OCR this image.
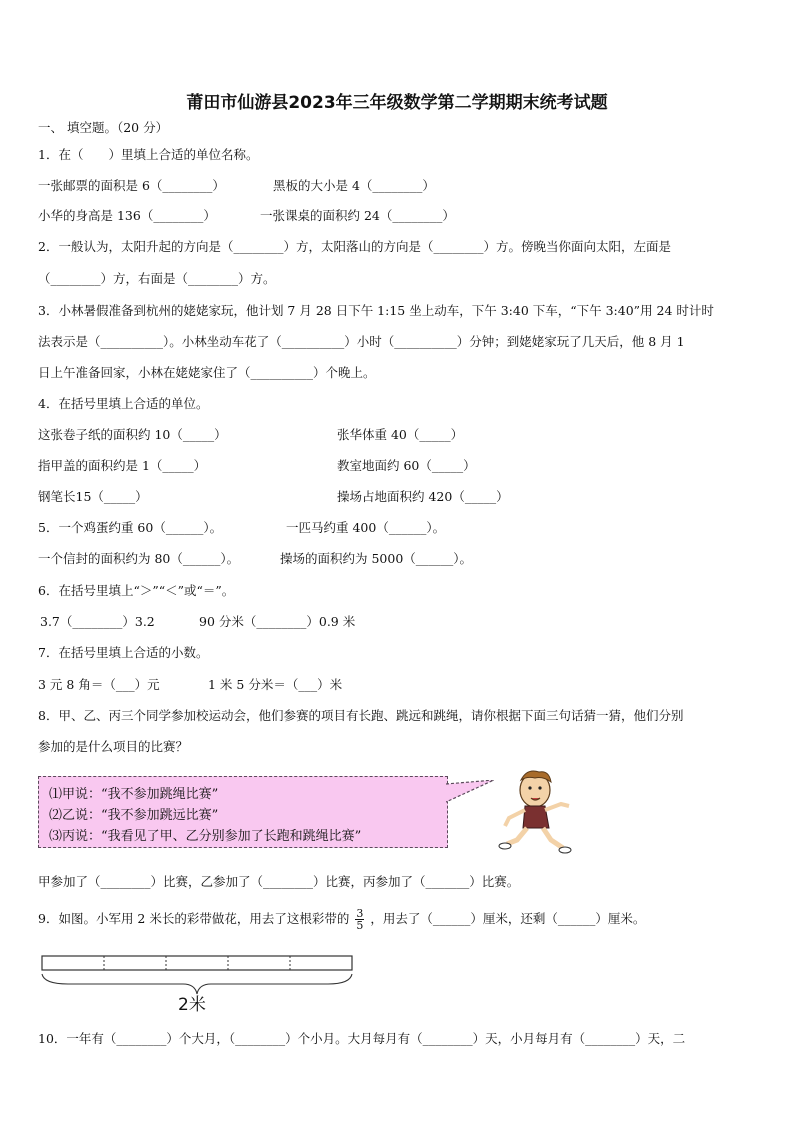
莆田市仙游县2023年三年级数学第二学期期末统考试题
一、 填空题。（20 分）
1．在（　　）里填上合适的单位名称。
一张邮票的面积是 6（________）	黑板的大小是 4（________）
小华的身高是 136（________）	一张课桌的面积约 24（________）
2．一般认为，太阳升起的方向是（________）方，太阳落山的方向是（________）方。傍晚当你面向太阳，左面是
（________）方，右面是（________）方。
3．小林暑假准备到杭州的姥姥家玩，他计划 7 月 28 日下午 1:15 坐上动车，下午 3:40 下车，“下午 3:40”用 24 时计时
法表示是（__________）。小林坐动车花了（__________）小时（__________）分钟；到姥姥家玩了几天后，他 8 月 1
日上午准备回家，小林在姥姥家住了（__________）个晚上。
4．在括号里填上合适的单位。
这张卷子纸的面积约 10（_____）	张华体重 40（_____）
指甲盖的面积约是 1（_____）	教室地面约 60（_____）
钢笔长15（_____）	操场占地面积约 420（_____）
5．一个鸡蛋约重 60（______）。	一匹马约重 400（______）。
一个信封的面积约为 80（______）。	操场的面积约为 5000（______）。
6．在括号里填上“＞”“＜”或“＝”。
3.7（________）3.2	90 分米（________）0.9 米
7．在括号里填上合适的小数。
3 元 8 角＝（___）元	1 米 5 分米＝（___）米
8．甲、乙、丙三个同学参加校运动会，他们参赛的项目有长跑、跳远和跳绳，请你根据下面三句话猜一猜，他们分别
参加的是什么项目的比赛？
⑴甲说：“我不参加跳绳比赛”
⑵乙说：“我不参加跳远比赛”
⑶丙说：“我看见了甲、乙分别参加了长跑和跳绳比赛”
甲参加了（________）比赛，乙参加了（________）比赛，丙参加了（_______）比赛。
9．如图。小军用 2 米长的彩带做花，用去了这根彩带的 $\frac{3}{5}$ ，用去了（______）厘米，还剩（______）厘米。
2米
10．一年有（________）个大月，（________）个小月。大月每月有（________）天，小月每月有（________）天，二
